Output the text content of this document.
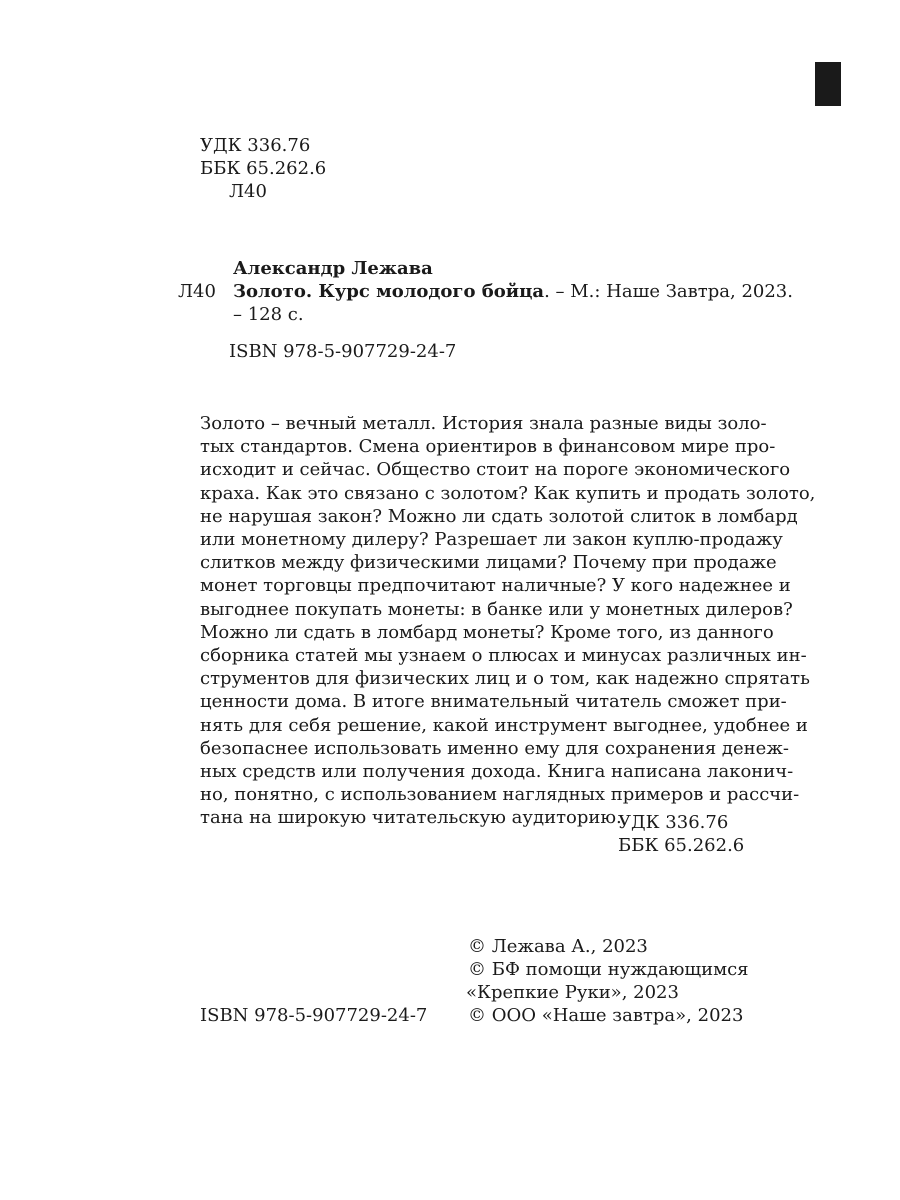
УДК 336.76
ББК 65.262.6
Л40
Александр Лежава
Л40 Золото. Курс молодого бойца. – М.: Наше Завтра, 2023.
– 128 с.
ISBN 978-5-907729-24-7
Золото – вечный металл. История знала разные виды золо-
тых стандартов. Смена ориентиров в финансовом мире про-
исходит и сейчас. Общество стоит на пороге экономического
краха. Как это связано с золотом? Как купить и продать золото,
не нарушая закон? Можно ли сдать золотой слиток в ломбард
или монетному дилеру? Разрешает ли закон куплю-продажу
слитков между физическими лицами? Почему при продаже
монет торговцы предпочитают наличные? У кого надежнее и
выгоднее покупать монеты: в банке или у монетных дилеров?
Можно ли сдать в ломбард монеты? Кроме того, из данного
сборника статей мы узнаем о плюсах и минусах различных ин-
струментов для физических лиц и о том, как надежно спрятать
ценности дома. В итоге внимательный читатель сможет при-
нять для себя решение, какой инструмент выгоднее, удобнее и
безопаснее использовать именно ему для сохранения денеж-
ных средств или получения дохода. Книга написана лаконич-
но, понятно, с использованием наглядных примеров и рассчи-
тана на широкую читательскую аудиторию.
УДК 336.76
ББК 65.262.6
© Лежава А., 2023
© БФ помощи нуждающимся
«Крепкие Руки», 2023
© ООО «Наше завтра», 2023
ISBN 978-5-907729-24-7
